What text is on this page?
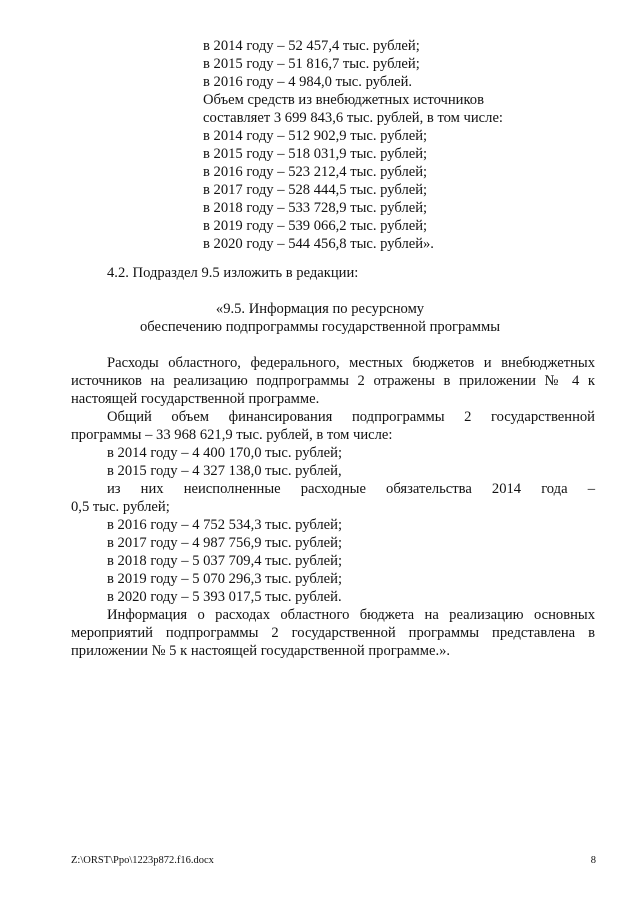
в 2014 году – 52 457,4 тыс. рублей;
в 2015 году – 51 816,7 тыс. рублей;
в 2016 году – 4 984,0 тыс. рублей.
Объем средств из внебюджетных источников
составляет 3 699 843,6 тыс. рублей, в том числе:
в 2014 году – 512 902,9 тыс. рублей;
в 2015 году – 518 031,9 тыс. рублей;
в 2016 году – 523 212,4 тыс. рублей;
в 2017 году – 528 444,5 тыс. рублей;
в 2018 году – 533 728,9 тыс. рублей;
в 2019 году – 539 066,2 тыс. рублей;
в 2020 году – 544 456,8 тыс. рублей».
4.2. Подраздел 9.5 изложить в редакции:
«9.5. Информация по ресурсному
обеспечению подпрограммы государственной программы
Расходы областного, федерального, местных бюджетов и внебюджетных
источников на реализацию подпрограммы 2 отражены в приложении № 4 к
настоящей государственной программе.
Общий объем финансирования подпрограммы 2 государственной
программы – 33 968 621,9 тыс. рублей, в том числе:
в 2014 году – 4 400 170,0 тыс. рублей;
в 2015 году – 4 327 138,0 тыс. рублей,
из них неисполненные расходные обязательства 2014 года –
0,5 тыс. рублей;
в 2016 году – 4 752 534,3 тыс. рублей;
в 2017 году – 4 987 756,9 тыс. рублей;
в 2018 году – 5 037 709,4 тыс. рублей;
в 2019 году – 5 070 296,3 тыс. рублей;
в 2020 году – 5 393 017,5 тыс. рублей.
Информация о расходах областного бюджета на реализацию основных
мероприятий подпрограммы 2 государственной программы представлена в
приложении № 5 к настоящей государственной программе.».
Z:\ORST\Ppo\1223p872.f16.docx	8
